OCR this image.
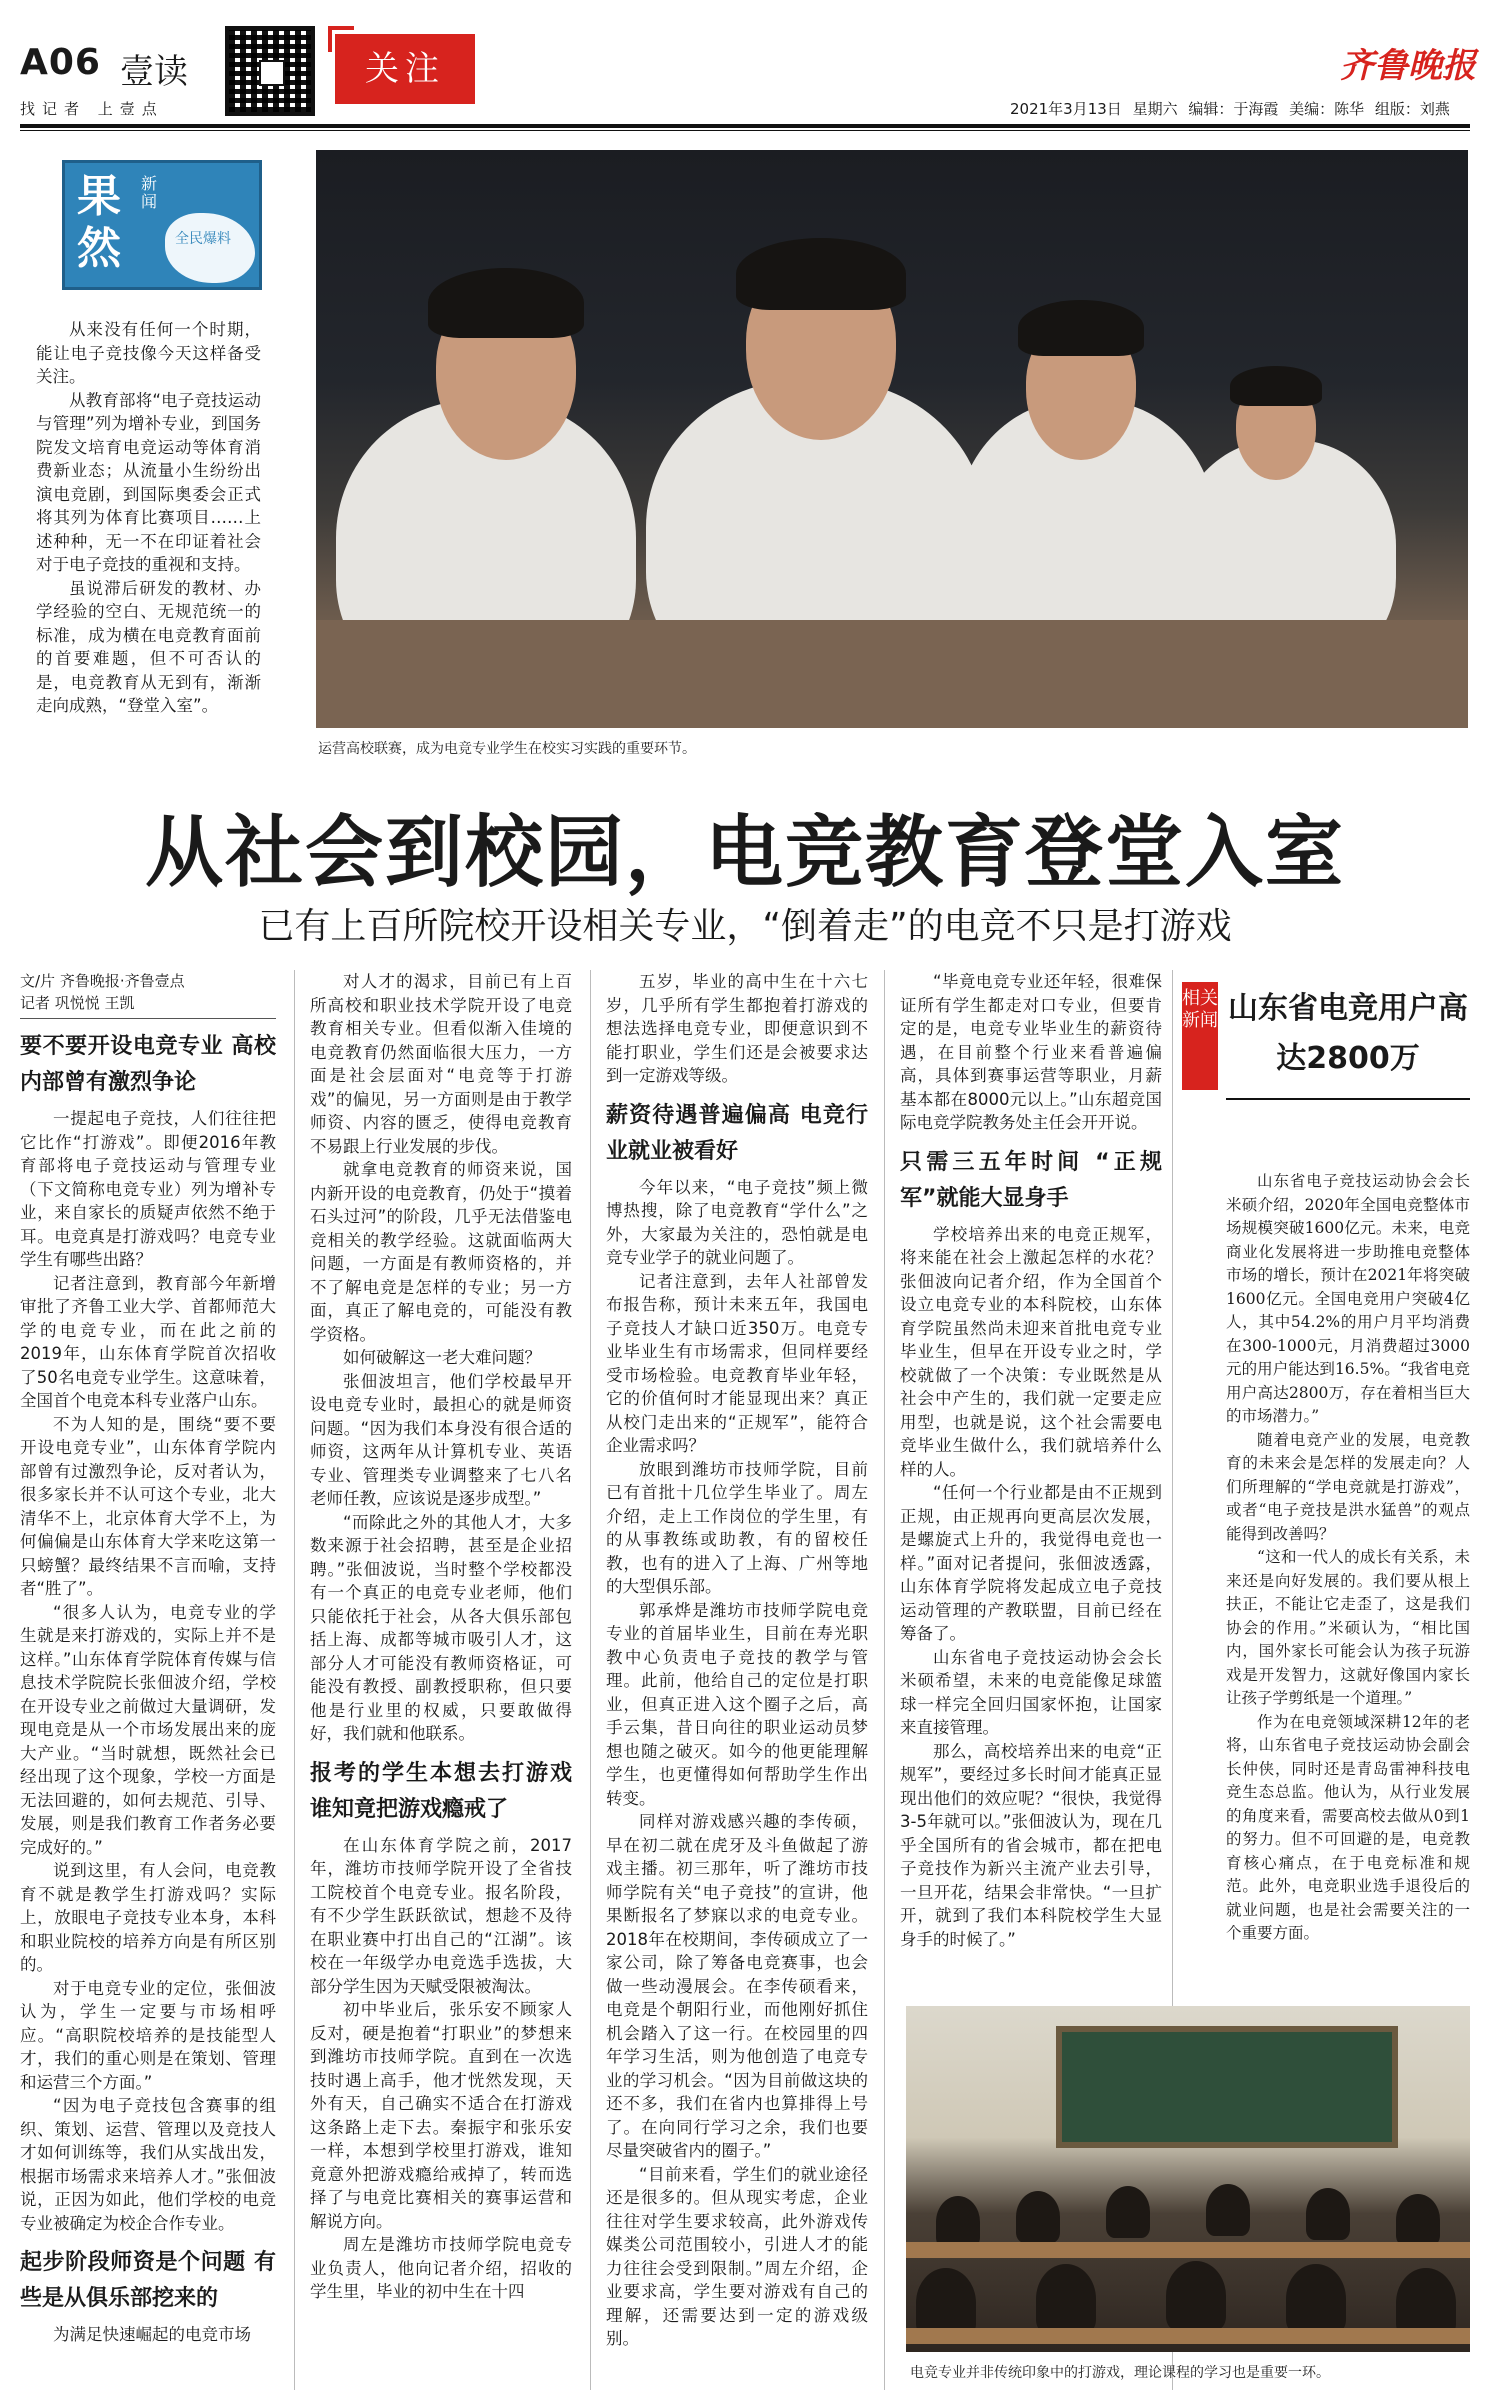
A06 壹读
找记者 上壹点
关注	齐鲁晚报
2021年3月13日 星期六 编辑：于海霞 美编：陈华 组版：刘燕
果然
新闻
全民爆料

从来没有任何一个时期，能让电子竞技像今天这样备受关注。

从教育部将“电子竞技运动与管理”列为增补专业，到国务院发文培育电竞运动等体育消费新业态；从流量小生纷纷出演电竞剧，到国际奥委会正式将其列为体育比赛项目……上述种种，无一不在印证着社会对于电子竞技的重视和支持。

虽说滞后研发的教材、办学经验的空白、无规范统一的标准，成为横在电竞教育面前的首要难题，但不可否认的是，电竞教育从无到有，渐渐走向成熟，“登堂入室”。

运营高校联赛，成为电竞专业学生在校实习实践的重要环节。
从社会到校园，电竞教育登堂入室
已有上百所院校开设相关专业，“倒着走”的电竞不只是打游戏
文/片 齐鲁晚报·齐鲁壹点
记者 巩悦悦 王凯
要不要开设电竞专业 高校内部曾有激烈争论

一提起电子竞技，人们往往把它比作“打游戏”。即便2016年教育部将电子竞技运动与管理专业（下文简称电竞专业）列为增补专业，来自家长的质疑声依然不绝于耳。电竞真是打游戏吗？电竞专业学生有哪些出路？

记者注意到，教育部今年新增审批了齐鲁工业大学、首都师范大学的电竞专业，而在此之前的2019年，山东体育学院首次招收了50名电竞专业学生。这意味着，全国首个电竞本科专业落户山东。

不为人知的是，围绕“要不要开设电竞专业”，山东体育学院内部曾有过激烈争论，反对者认为，很多家长并不认可这个专业，北大清华不上，北京体育大学不上，为何偏偏是山东体育大学来吃这第一只螃蟹？最终结果不言而喻，支持者“胜了”。

“很多人认为，电竞专业的学生就是来打游戏的，实际上并不是这样。”山东体育学院体育传媒与信息技术学院院长张佃波介绍，学校在开设专业之前做过大量调研，发现电竞是从一个市场发展出来的庞大产业。“当时就想，既然社会已经出现了这个现象，学校一方面是无法回避的，如何去规范、引导、发展，则是我们教育工作者务必要完成好的。”

说到这里，有人会问，电竞教育不就是教学生打游戏吗？实际上，放眼电子竞技专业本身，本科和职业院校的培养方向是有所区别的。

对于电竞专业的定位，张佃波认为，学生一定要与市场相呼应。“高职院校培养的是技能型人才，我们的重心则是在策划、管理和运营三个方面。”

“因为电子竞技包含赛事的组织、策划、运营、管理以及竞技人才如何训练等，我们从实战出发，根据市场需求来培养人才。”张佃波说，正因为如此，他们学校的电竞专业被确定为校企合作专业。

起步阶段师资是个问题 有些是从俱乐部挖来的

为满足快速崛起的电竞市场

对人才的渴求，目前已有上百所高校和职业技术学院开设了电竞教育相关专业。但看似渐入佳境的电竞教育仍然面临很大压力，一方面是社会层面对“电竞等于打游戏”的偏见，另一方面则是由于教学师资、内容的匮乏，使得电竞教育不易跟上行业发展的步伐。

就拿电竞教育的师资来说，国内新开设的电竞教育，仍处于“摸着石头过河”的阶段，几乎无法借鉴电竞相关的教学经验。这就面临两大问题，一方面是有教师资格的，并不了解电竞是怎样的专业；另一方面，真正了解电竞的，可能没有教学资格。

如何破解这一老大难问题？

张佃波坦言，他们学校最早开设电竞专业时，最担心的就是师资问题。“因为我们本身没有很合适的师资，这两年从计算机专业、英语专业、管理类专业调整来了七八名老师任教，应该说是逐步成型。”

“而除此之外的其他人才，大多数来源于社会招聘，甚至是企业招聘。”张佃波说，当时整个学校都没有一个真正的电竞专业老师，他们只能依托于社会，从各大俱乐部包括上海、成都等城市吸引人才，这部分人才可能没有教师资格证，可能没有教授、副教授职称，但只要他是行业里的权威，只要敢做得好，我们就和他联系。

报考的学生本想去打游戏 谁知竟把游戏瘾戒了

在山东体育学院之前，2017年，潍坊市技师学院开设了全省技工院校首个电竞专业。报名阶段，有不少学生跃跃欲试，想趁不及待在职业赛中打出自己的“江湖”。该校在一年级学办电竞选手选拔，大部分学生因为天赋受限被淘汰。

初中毕业后，张乐安不顾家人反对，硬是抱着“打职业”的梦想来到潍坊市技师学院。直到在一次选技时遇上高手，他才恍然发现，天外有天，自己确实不适合在打游戏这条路上走下去。秦振宇和张乐安一样，本想到学校里打游戏，谁知竟意外把游戏瘾给戒掉了，转而选择了与电竞比赛相关的赛事运营和解说方向。

周左是潍坊市技师学院电竞专业负责人，他向记者介绍，招收的学生里，毕业的初中生在十四

五岁，毕业的高中生在十六七岁，几乎所有学生都抱着打游戏的想法选择电竞专业，即便意识到不能打职业，学生们还是会被要求达到一定游戏等级。

薪资待遇普遍偏高 电竞行业就业被看好

今年以来，“电子竞技”频上微博热搜，除了电竞教育“学什么”之外，大家最为关注的，恐怕就是电竞专业学子的就业问题了。

记者注意到，去年人社部曾发布报告称，预计未来五年，我国电子竞技人才缺口近350万。电竞专业毕业生有市场需求，但同样要经受市场检验。电竞教育毕业年轻，它的价值何时才能显现出来？真正从校门走出来的“正规军”，能符合企业需求吗？

放眼到潍坊市技师学院，目前已有首批十几位学生毕业了。周左介绍，走上工作岗位的学生里，有的从事教练或助教，有的留校任教，也有的进入了上海、广州等地的大型俱乐部。

郭承烨是潍坊市技师学院电竞专业的首届毕业生，目前在寿光职教中心负责电子竞技的教学与管理。此前，他给自己的定位是打职业，但真正进入这个圈子之后，高手云集，昔日向往的职业运动员梦想也随之破灭。如今的他更能理解学生，也更懂得如何帮助学生作出转变。

同样对游戏感兴趣的李传硕，早在初二就在虎牙及斗鱼做起了游戏主播。初三那年，听了潍坊市技师学院有关“电子竞技”的宣讲，他果断报名了梦寐以求的电竞专业。2018年在校期间，李传硕成立了一家公司，除了筹备电竞赛事，也会做一些动漫展会。在李传硕看来，电竞是个朝阳行业，而他刚好抓住机会踏入了这一行。在校园里的四年学习生活，则为他创造了电竞专业的学习机会。“因为目前做这块的还不多，我们在省内也算排得上号了。在向同行学习之余，我们也要尽量突破省内的圈子。”

“目前来看，学生们的就业途径还是很多的。但从现实考虑，企业往往对学生要求较高，此外游戏传媒类公司范围较小，引进人才的能力往往会受到限制。”周左介绍，企业要求高，学生要对游戏有自己的理解，还需要达到一定的游戏级别。

“毕竟电竞专业还年轻，很难保证所有学生都走对口专业，但要肯定的是，电竞专业毕业生的薪资待遇，在目前整个行业来看普遍偏高，具体到赛事运营等职业，月薪基本都在8000元以上。”山东超竞国际电竞学院教务处主任会开开说。

只需三五年时间 “正规军”就能大显身手

学校培养出来的电竞正规军，将来能在社会上激起怎样的水花？张佃波向记者介绍，作为全国首个设立电竞专业的本科院校，山东体育学院虽然尚未迎来首批电竞专业毕业生，但早在开设专业之时，学校就做了一个决策：专业既然是从社会中产生的，我们就一定要走应用型，也就是说，这个社会需要电竞毕业生做什么，我们就培养什么样的人。

“任何一个行业都是由不正规到正规，由正规再向更高层次发展，是螺旋式上升的，我觉得电竞也一样。”面对记者提问，张佃波透露，山东体育学院将发起成立电子竞技运动管理的产教联盟，目前已经在筹备了。

山东省电子竞技运动协会会长米硕希望，未来的电竞能像足球篮球一样完全回归国家怀抱，让国家来直接管理。

那么，高校培养出来的电竞“正规军”，要经过多长时间才能真正显现出他们的效应呢？“很快，我觉得3-5年就可以。”张佃波认为，现在几乎全国所有的省会城市，都在把电子竞技作为新兴主流产业去引导，一旦开花，结果会非常快。“一旦扩开，就到了我们本科院校学生大显身手的时候了。”

相关新闻 山东省电竞用户高达2800万

山东省电子竞技运动协会会长米硕介绍，2020年全国电竞整体市场规模突破1600亿元。未来，电竞商业化发展将进一步助推电竞整体市场的增长，预计在2021年将突破1600亿元。全国电竞用户突破4亿人，其中54.2%的用户月平均消费在300-1000元，月消费超过3000元的用户能达到16.5%。“我省电竞用户高达2800万，存在着相当巨大的市场潜力。”

随着电竞产业的发展，电竞教育的未来会是怎样的发展走向？人们所理解的“学电竞就是打游戏”，或者“电子竞技是洪水猛兽”的观点能得到改善吗？

“这和一代人的成长有关系，未来还是向好发展的。我们要从根上扶正，不能让它走歪了，这是我们协会的作用。”米硕认为，“相比国内，国外家长可能会认为孩子玩游戏是开发智力，这就好像国内家长让孩子学剪纸是一个道理。”

作为在电竞领域深耕12年的老将，山东省电子竞技运动协会副会长仲侠，同时还是青岛雷神科技电竞生态总监。他认为，从行业发展的角度来看，需要高校去做从0到1的努力。但不可回避的是，电竞教育核心痛点，在于电竞标准和规范。此外，电竞职业选手退役后的就业问题，也是社会需要关注的一个重要方面。

电竞专业并非传统印象中的打游戏，理论课程的学习也是重要一环。
